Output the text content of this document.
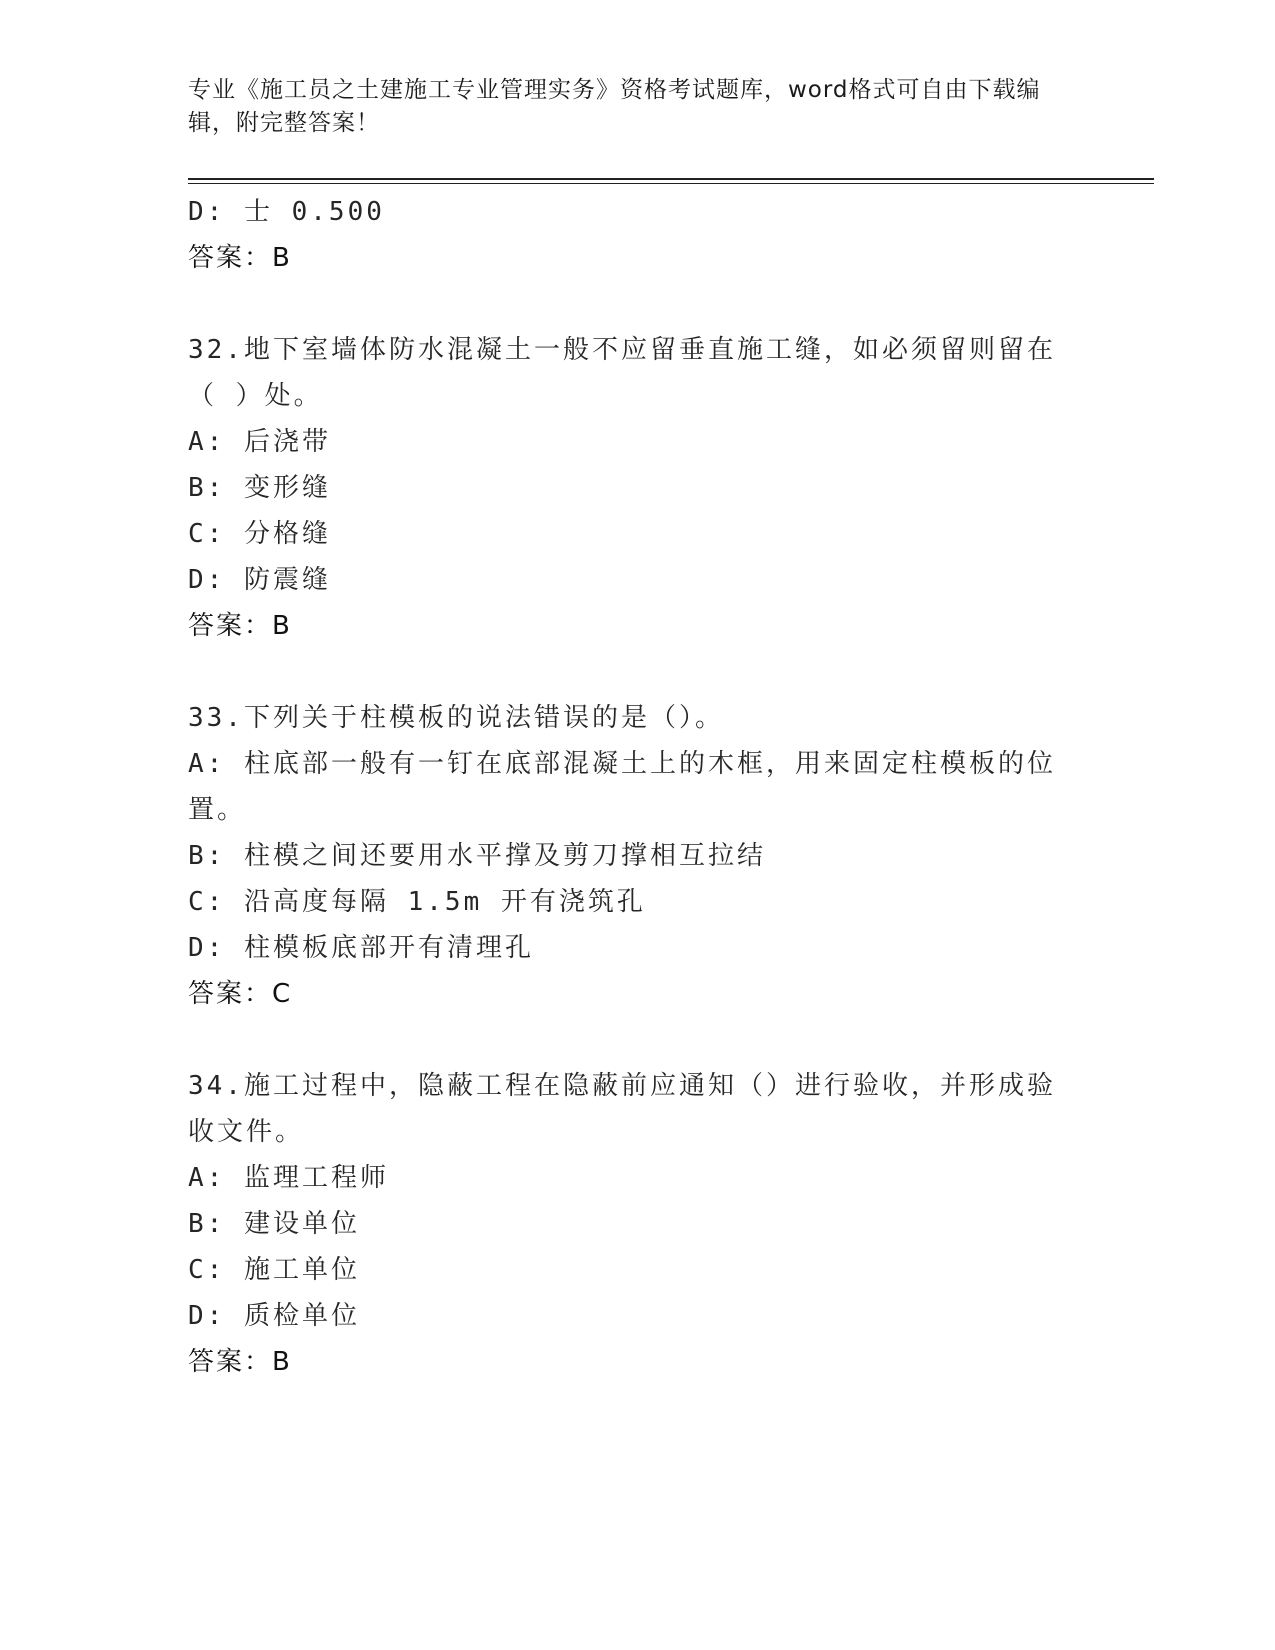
专业《施工员之土建施工专业管理实务》资格考试题库，word格式可自由下载编辑，附完整答案！
D: 士 0.500
答案：B
32.地下室墙体防水混凝土一般不应留垂直施工缝，如必须留则留在（ ）处。
A: 后浇带
B: 变形缝
C: 分格缝
D: 防震缝
答案：B
33.下列关于柱模板的说法错误的是（）。
A: 柱底部一般有一钉在底部混凝土上的木框，用来固定柱模板的位置。
B: 柱模之间还要用水平撑及剪刀撑相互拉结
C: 沿高度每隔 1.5m 开有浇筑孔
D: 柱模板底部开有清理孔
答案：C
34.施工过程中，隐蔽工程在隐蔽前应通知（）进行验收，并形成验收文件。
A: 监理工程师
B: 建设单位
C: 施工单位
D: 质检单位
答案：B
